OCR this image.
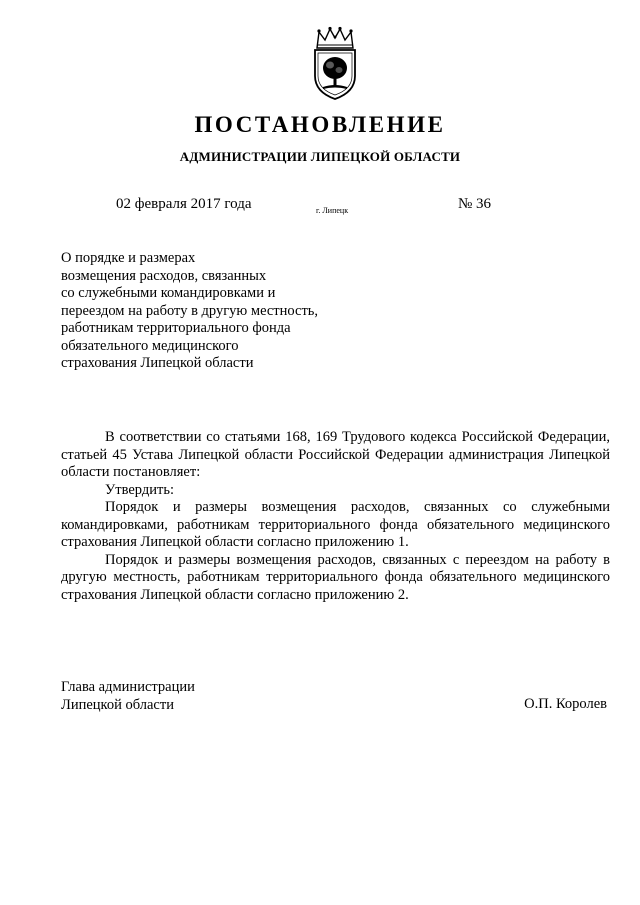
ПОСТАНОВЛЕНИЕ
АДМИНИСТРАЦИИ ЛИПЕЦКОЙ ОБЛАСТИ
02 февраля 2017 года	г. Липецк	№ 36
О порядке и размерах
возмещения расходов, связанных
со служебными командировками и
переездом на работу в другую местность,
работникам территориального фонда
обязательного медицинского
страхования Липецкой области

В соответствии со статьями 168, 169 Трудового кодекса Российской Федерации, статьей 45 Устава Липецкой области Российской Федерации администрация Липецкой области постановляет:

Утвердить:

Порядок и размеры возмещения расходов, связанных со служебными командировками, работникам территориального фонда обязательного медицинского страхования Липецкой области согласно приложению 1.

Порядок и размеры возмещения расходов, связанных с переездом на работу в другую местность, работникам территориального фонда обязательного медицинского страхования Липецкой области согласно приложению 2.

Глава администрации
Липецкой области	О.П. Королев
